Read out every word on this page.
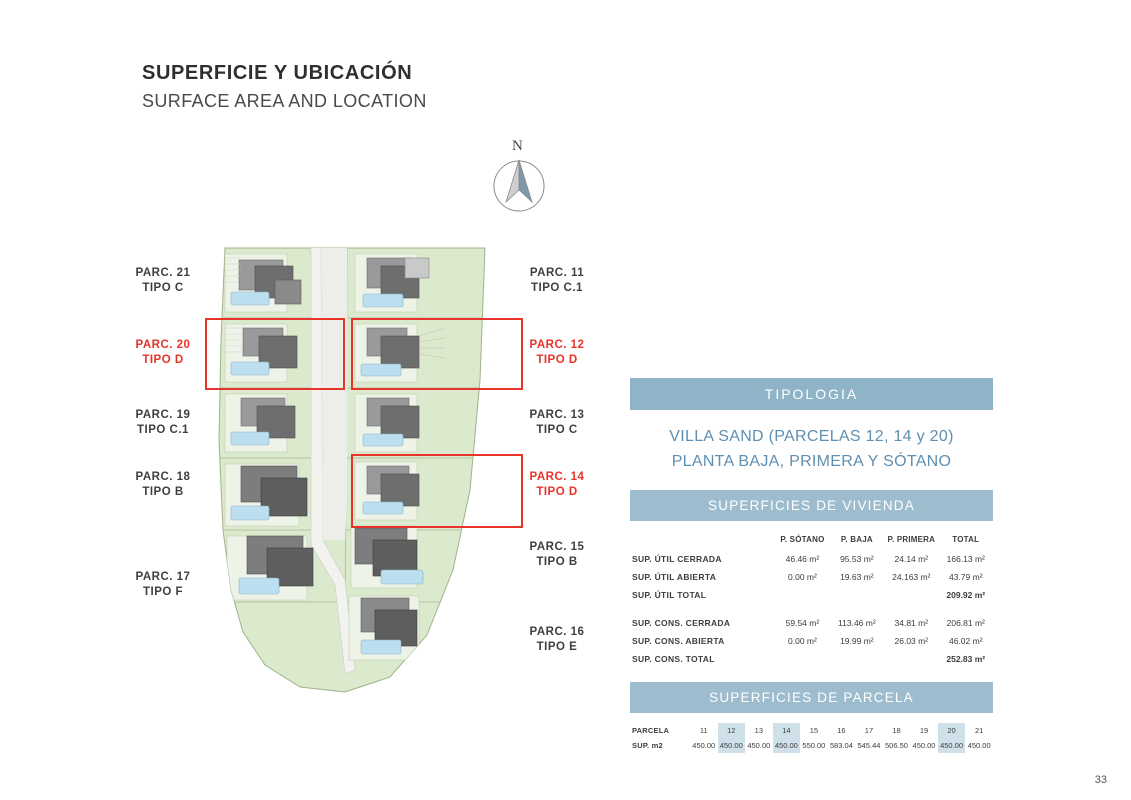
SUPERFICIE Y UBICACIÓN
SURFACE AREA AND LOCATION
N
PARC. 21
TIPO C
PARC. 20
TIPO D
PARC. 19
TIPO C.1
PARC. 18
TIPO B
PARC. 17
TIPO F
PARC. 11
TIPO C.1
PARC. 12
TIPO D
PARC. 13
TIPO C
PARC. 14
TIPO D
PARC. 15
TIPO B
PARC. 16
TIPO E
TIPOLOGIA
VILLA SAND (PARCELAS 12, 14 y 20)
PLANTA BAJA, PRIMERA Y SÓTANO
SUPERFICIES DE VIVIENDA
	P. SÓTANO	P. BAJA	P. PRIMERA	TOTAL
SUP. ÚTIL CERRADA	46.46 m²	95.53 m²	24.14 m²	166.13 m²
SUP. ÚTIL ABIERTA	0.00 m²	19.63 m²	24.163 m²	43.79 m²
SUP. ÚTIL TOTAL				209.92 m²

SUP. CONS. CERRADA	59.54 m²	113.46 m²	34.81 m²	206.81 m²
SUP. CONS. ABIERTA	0.00 m²	19.99 m²	26.03 m²	46.02 m²
SUP. CONS. TOTAL				252.83 m²
SUPERFICIES DE PARCELA
PARCELA	11	12	13	14	15	16	17	18	19	20	21
SUP. m2	450.00	450.00	450.00	450.00	550.00	583.04	545.44	506.50	450.00	450.00	450.00
33
